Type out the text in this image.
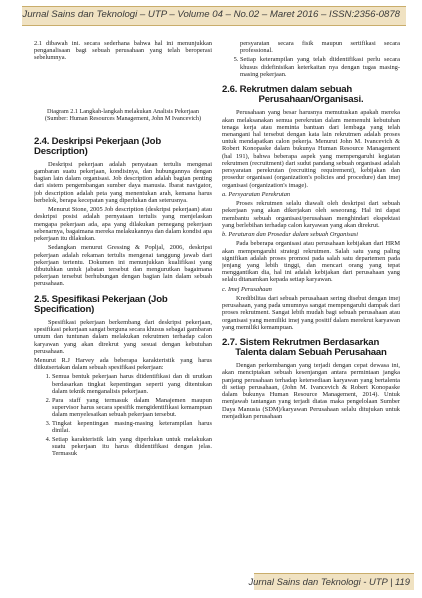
Jurnal Sains dan Teknologi – UTP – Volume 04 – No.02 – Maret 2016 – ISSN:2356-0878

2.1 dibawah ini. secara sederhana bahwa hal ini menunjukkan penganalisaan bagi sebuah perusahaan yang telah beroperasi sebelumnya.

Diagram 2.1 Langkah-langkah melakukan Analisis Pekerjaan
(Sumber: Human Resources Management, John M Ivancevich)
2.4. Deskripsi Pekerjaan (Job Description)

Deskripsi pekerjaan adalah penyataan tertulis mengenai gambaran suatu pekerjaan, kondisinya, dan hubungannya dengan bagian lain dalam organisasi. Job description adalah bagian penting dari sistem pengembangan sumber daya manusia. Ibarat navigator, job description adalah peta yang menentukan arah, kemana harus berbelok, berapa kecepatan yang diperlukan dan seterusnya.

Menurut Stone, 2005 Job description (deskripsi pekerjaan) atau deskripsi posisi adalah pernyataan tertulis yang menjelaskan mengapa pekerjaan ada, apa yang dilakukan pemegang pekerjaan sebenarnya, bagaimana mereka melakukannya dan dalam kondisi apa pekerjaan itu dilakukan.

Sedangkan menurut Gressing & Popljal, 2006, deskripsi pekerjaan adalah rekaman tertulis mengenai tanggung jawab dari pekerjaan tertentu. Dokumen ini menunjukkan kualifikasi yang dibutuhkan untuk jabatan tersebut dan mengurutkan bagaimana pekerjaan tersebut berhubungan dengan bagian lain dalam sebuah perusahaan.

2.5. Spesifikasi Pekerjaan (Job Specification)

Spesifikasi pekerjaan berkembang dari deskripsi pekerjaan, spesifikasi pekerjaan sangat berguna secara khusus sebagai gambaran umum dan tuntunan dalam melakukan rekrutmen terhadap calon karyawan yang akan direkrut yang sesuai dengan kebutuhan perusahaan.

Menurut R.J Harvey ada beberapa karakteristik yang harus diikutsertakan dalam sebuah spesifikasi pekerjaan:

1. Semua bentuk pekerjaan harus diidentifikasi dan di urutkan berdasarkan tingkat kepentingan seperti yang ditentukan dalam teknik menganalisis pekerjaan.
2. Para staff yang termasuk dalam Manajemen maupun supervisor harus secara spesifik mengidentifikasi kemampuan dalam menyelesaikan sebuah pekerjaan tersebut.
3. Tingkat kepentingan masing-masing keterampilan harus dinilai.
4. Setiap karakteristik lain yang diperlukan untuk melakukan suatu pekerjaan itu harus diidentifikasi dengan jelas. Termasuk

persyaratan secara fisik maupun sertifikasi secara professional.

5. Setiap keterampilan yang telah diidentifikasi perlu secara khusus didefinisikan keterkaitan nya dengan tugas masing-masing pekerjaan.
2.6. Rekrutmen dalam sebuah
Perusahaan/Organisasi.

Perusahaan yang besar harusnya memutuskan apakah mereka akan melaksanakan semua perekrutan dalam memenuhi kebutuhan tenaga kerja atau meminta bantuan dari lembaga yang telah menangani hal tersebut dengan kata lain rekrutmen adalah proses untuk mendapatkan calon pekerja. Menurut John M. Ivancevich & Robert Konopaske dalam bukunya Human Resource Management (hal 191), bahwa beberapa aspek yang mempengaruhi kegiatan rekrutmen (recruitment) dari sudut pandang sebuah organisasi adalah persyaratan perekrutan (recruiting requirement), kebijakan dan prosedur organisasi (organization's policies and procedure) dan imej organisasi (organization's image).

a. Persyaratan Perekrutan

Proses rekrutmen selalu diawali oleh deskripsi dari sebuah pekerjaan yang akan dikerjakan oleh seseorang. Hal ini dapat membantu sebuah organisasi/perusahaan menghindari ekspektasi yang berlebihan terhadap calon karyawan yang akan direkrut.

b. Peraturan dan Prosedur dalam sebuah Organisasi

Pada beberapa organisasi atau perusahaan kebijakan dari HRM akan mempengaruhi strategi rekrutmen. Salah satu yang paling signifikan adalah proses promosi pada salah satu departemen pada jenjang yang lebih tinggi, dan mencari orang yang tepat menggantikan dia, hal ini adalah kebijakan dari perusahaan yang selalu ditanamkan kepada setiap karyawan.

c. Imej Perusahaan

Kredibilitas dari sebuah perusahaan sering disebut dengan imej perusahaan, yang pada umumnya sangat mempengaruhi dampak dari proses rekrutment. Sangat lebih mudah bagi sebuah perusahaan atau organisasi yang memiliki imej yang positif dalam merekrut karyawan yang memiliki kemampuan.

2.7. Sistem Rekrutmen Berdasarkan
Talenta dalam Sebuah Perusahaan

Dengan perkembangan yang terjadi dengan cepat dewasa ini, akan menciptakan sebuah kesenjangan antara permintaan jangka panjang perusahaan terhadap ketersediaan karyawan yang bertalenta di setiap perusahaan, (John M. Ivancevich & Robert Konopaske dalam bukunya Human Resource Management, 2014). Untuk menjawab tantangan yang terjadi diatas maka pengelolaan Sumber Daya Manusia (SDM)/karyawan Perusahaan selalu ditujukan untuk menjadikan perusahaan

Jurnal Sains dan Teknologi - UTP | 119
